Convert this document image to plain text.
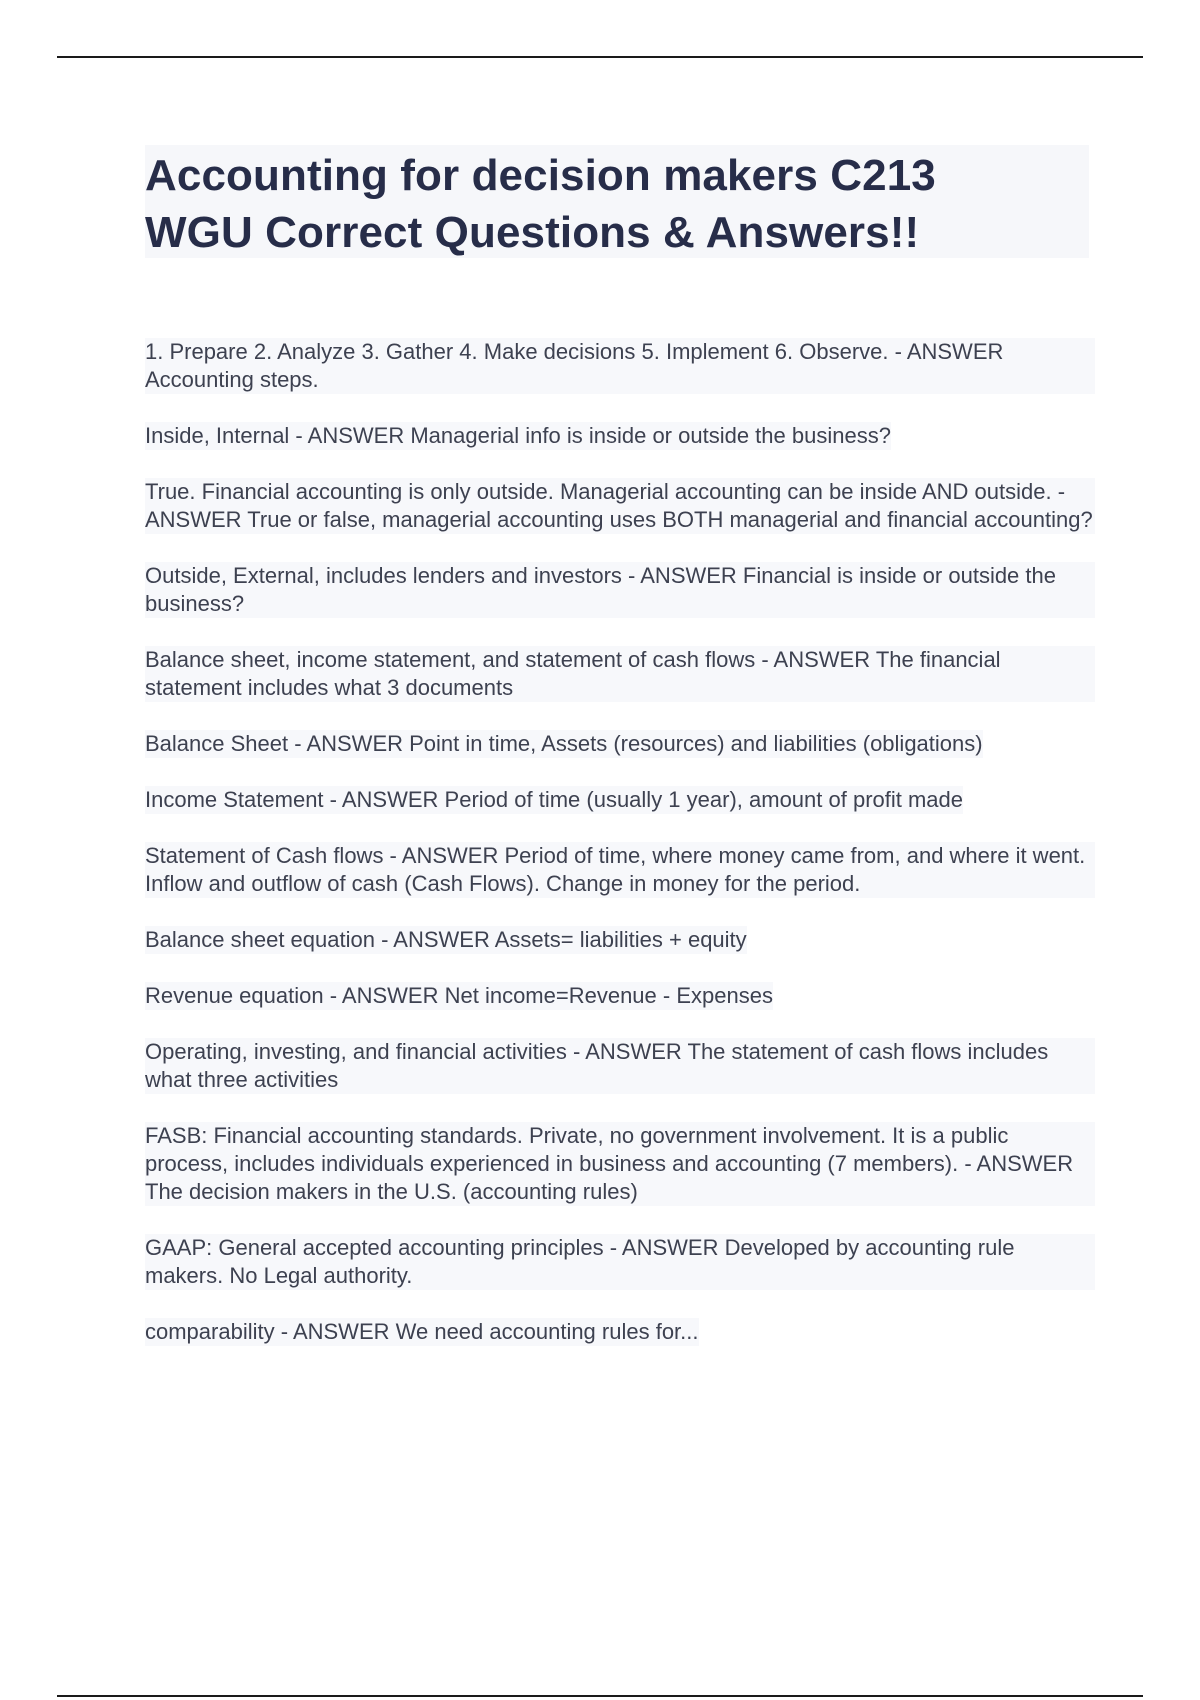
Accounting for decision makers C213
WGU Correct Questions & Answers!!
1. Prepare 2. Analyze 3. Gather 4. Make decisions 5. Implement 6. Observe. - ANSWER Accounting steps.
Inside, Internal - ANSWER Managerial info is inside or outside the business?
True. Financial accounting is only outside. Managerial accounting can be inside AND outside. - ANSWER True or false, managerial accounting uses BOTH managerial and financial accounting?
Outside, External, includes lenders and investors - ANSWER Financial is inside or outside the business?
Balance sheet, income statement, and statement of cash flows - ANSWER The financial statement includes what 3 documents
Balance Sheet - ANSWER Point in time, Assets (resources) and liabilities (obligations)
Income Statement - ANSWER Period of time (usually 1 year), amount of profit made
Statement of Cash flows - ANSWER Period of time, where money came from, and where it went. Inflow and outflow of cash (Cash Flows). Change in money for the period.
Balance sheet equation - ANSWER Assets= liabilities + equity
Revenue equation - ANSWER Net income=Revenue - Expenses
Operating, investing, and financial activities - ANSWER The statement of cash flows includes what three activities
FASB: Financial accounting standards. Private, no government involvement. It is a public process, includes individuals experienced in business and accounting (7 members). - ANSWER The decision makers in the U.S. (accounting rules)
GAAP: General accepted accounting principles - ANSWER Developed by accounting rule makers. No Legal authority.
comparability - ANSWER We need accounting rules for...
